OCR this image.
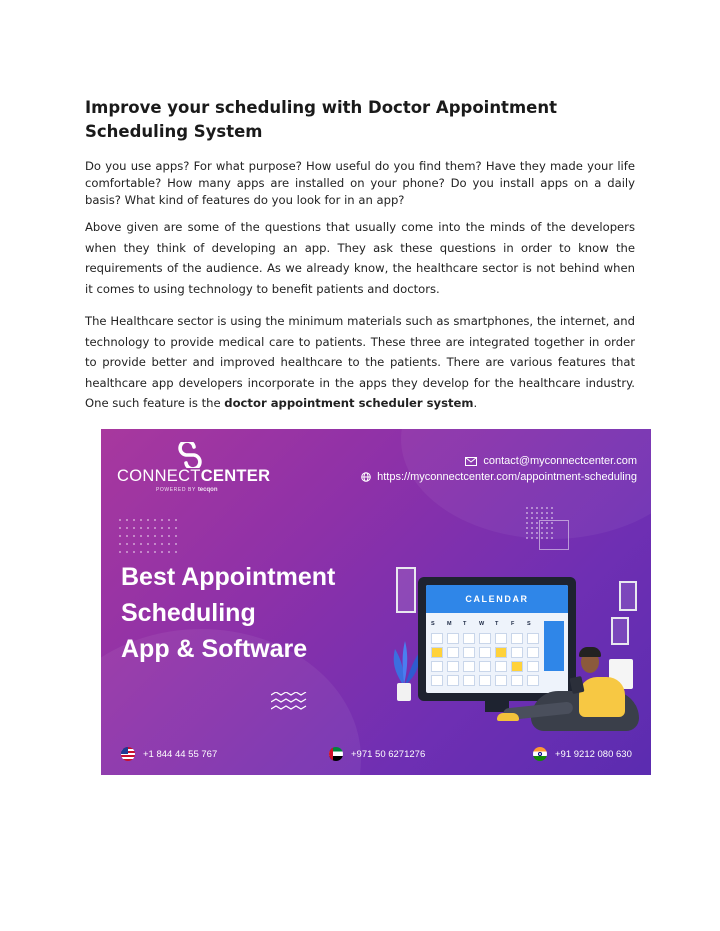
Improve your scheduling with Doctor Appointment Scheduling System

Do you use apps? For what purpose? How useful do you find them? Have they made your life comfortable? How many apps are installed on your phone? Do you install apps on a daily basis? What kind of features do you look for in an app?

Above given are some of the questions that usually come into the minds of the developers when they think of developing an app. They ask these questions in order to know the requirements of the audience. As we already know, the healthcare sector is not behind when it comes to using technology to benefit patients and doctors.

The Healthcare sector is using the minimum materials such as smartphones, the internet, and technology to provide medical care to patients. These three are integrated together in order to provide better and improved healthcare to the patients. There are various features that healthcare app developers incorporate in the apps they develop for the healthcare industry. One such feature is the doctor appointment scheduler system.

CONNECTCENTER
POWERED BY tecqon
contact@myconnectcenter.com
https://myconnectcenter.com/appointment-scheduling
Best Appointment
Scheduling
App & Software
CALENDAR
S	M	T	W	T	F	S
+1 844 44 55 767	+971 50 6271276	+91 9212 080 630
